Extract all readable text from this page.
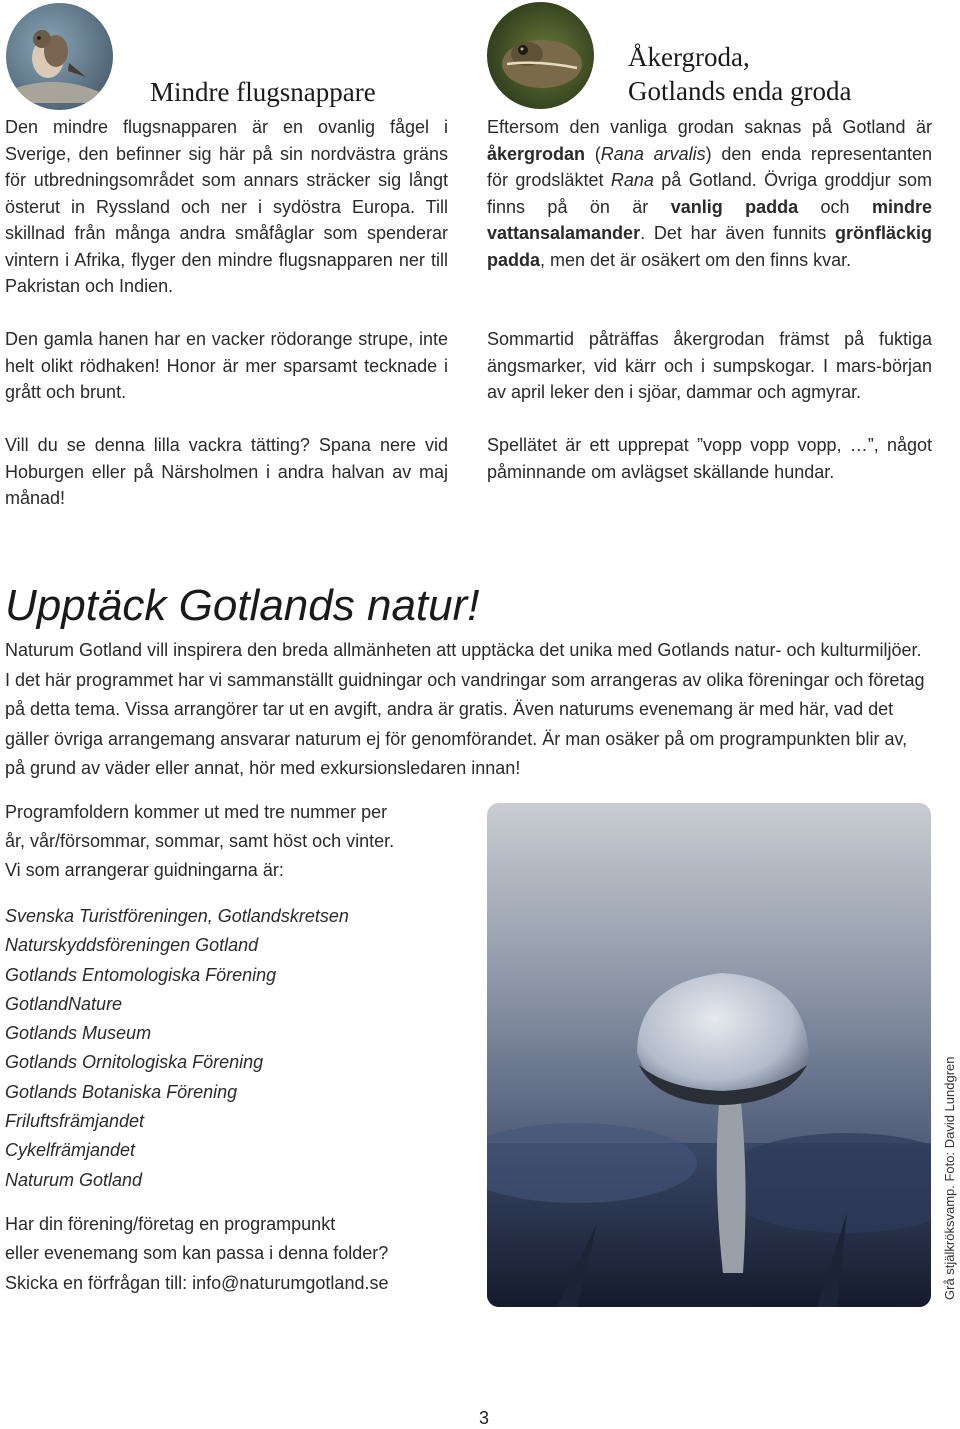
Mindre flugsnappare

Den mindre flugsnapparen är en ovanlig fågel i Sverige, den befinner sig här på sin nordvästra gräns för utbredningsområdet som annars sträcker sig långt österut in Ryssland och ner i sydöstra Europa. Till skillnad från många andra småfåglar som spenderar vintern i Afrika, flyger den mindre flugsnapparen ner till Pakristan och Indien.

Den gamla hanen har en vacker rödorange strupe, inte helt olikt rödhaken! Honor är mer sparsamt tecknade i grått och brunt.

Vill du se denna lilla vackra tätting? Spana nere vid Hoburgen eller på Närsholmen i andra halvan av maj månad!

Åkergroda,
Gotlands enda groda

Eftersom den vanliga grodan saknas på Gotland är åkergrodan (Rana arvalis) den enda representanten för grodsläktet Rana på Gotland. Övriga groddjur som finns på ön är vanlig padda och mindre vattansalamander. Det har även funnits grönfläckig padda, men det är osäkert om den finns kvar.

Sommartid påträffas åkergrodan främst på fuktiga ängsmarker, vid kärr och i sumpskogar. I mars-början av april leker den i sjöar, dammar och agmyrar.

Spellätet är ett upprepat ”vopp vopp vopp, …”, något påminnande om avlägset skällande hundar.

Upptäck Gotlands natur!

Naturum Gotland vill inspirera den breda allmänheten att upptäcka det unika med Gotlands natur- och kulturmiljöer. I det här programmet har vi sammanställt guidningar och vandringar som arrangeras av olika föreningar och företag på detta tema. Vissa arrangörer tar ut en avgift, andra är gratis. Även naturums evenemang är med här, vad det gäller övriga arrangemang ansvarar naturum ej för genomförandet. Är man osäker på om programpunkten blir av, på grund av väder eller annat, hör med exkursionsledaren innan!

Programfoldern kommer ut med tre nummer per år, vår/försommar, sommar, samt höst och vinter. Vi som arrangerar guidningarna är:

Svenska Turistföreningen, Gotlandskretsen
Naturskyddsföreningen Gotland
Gotlands Entomologiska Förening
GotlandNature
Gotlands Museum
Gotlands Ornitologiska Förening
Gotlands Botaniska Förening
Friluftsfrämjandet
Cykelfrämjandet
Naturum Gotland

Har din förening/företag en programpunkt
eller evenemang som kan passa i denna folder?
Skicka en förfrågan till: info@naturumgotland.se	Grå stjälkröksvamp. Foto: David Lundgren
3
